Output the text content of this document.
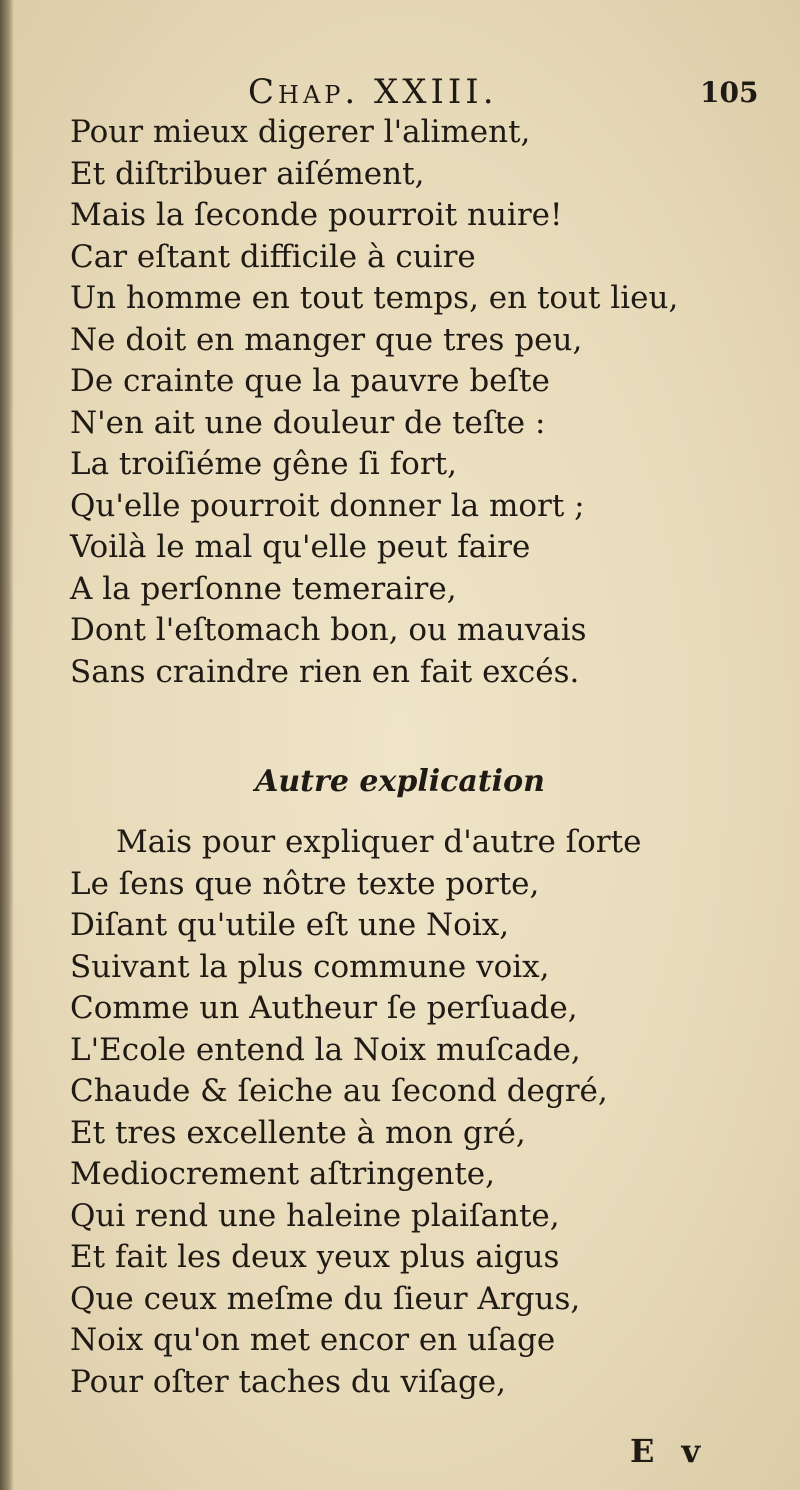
Chap. XXIII.	105
Pour mieux digerer l'aliment,
Et diſtribuer aiſément,
Mais la ſeconde pourroit nuire!
Car eſtant difficile à cuire
Un homme en tout temps, en tout lieu,
Ne doit en manger que tres peu,
De crainte que la pauvre beſte
N'en ait une douleur de teſte :
La troiſiéme gêne ſi fort,
Qu'elle pourroit donner la mort ;
Voilà le mal qu'elle peut faire
A la perſonne temeraire,
Dont l'eſtomach bon, ou mauvais
Sans craindre rien en fait excés.
Autre explication
Mais pour expliquer d'autre ſorte
Le ſens que nôtre texte porte,
Diſant qu'utile eſt une Noix,
Suivant la plus commune voix,
Comme un Autheur ſe perſuade,
L'Ecole entend la Noix muſcade,
Chaude & ſeiche au ſecond degré,
Et tres excellente à mon gré,
Mediocrement aſtringente,
Qui rend une haleine plaiſante,
Et fait les deux yeux plus aigus
Que ceux meſme du ſieur Argus,
Noix qu'on met encor en uſage
Pour oſter taches du viſage,
E v
